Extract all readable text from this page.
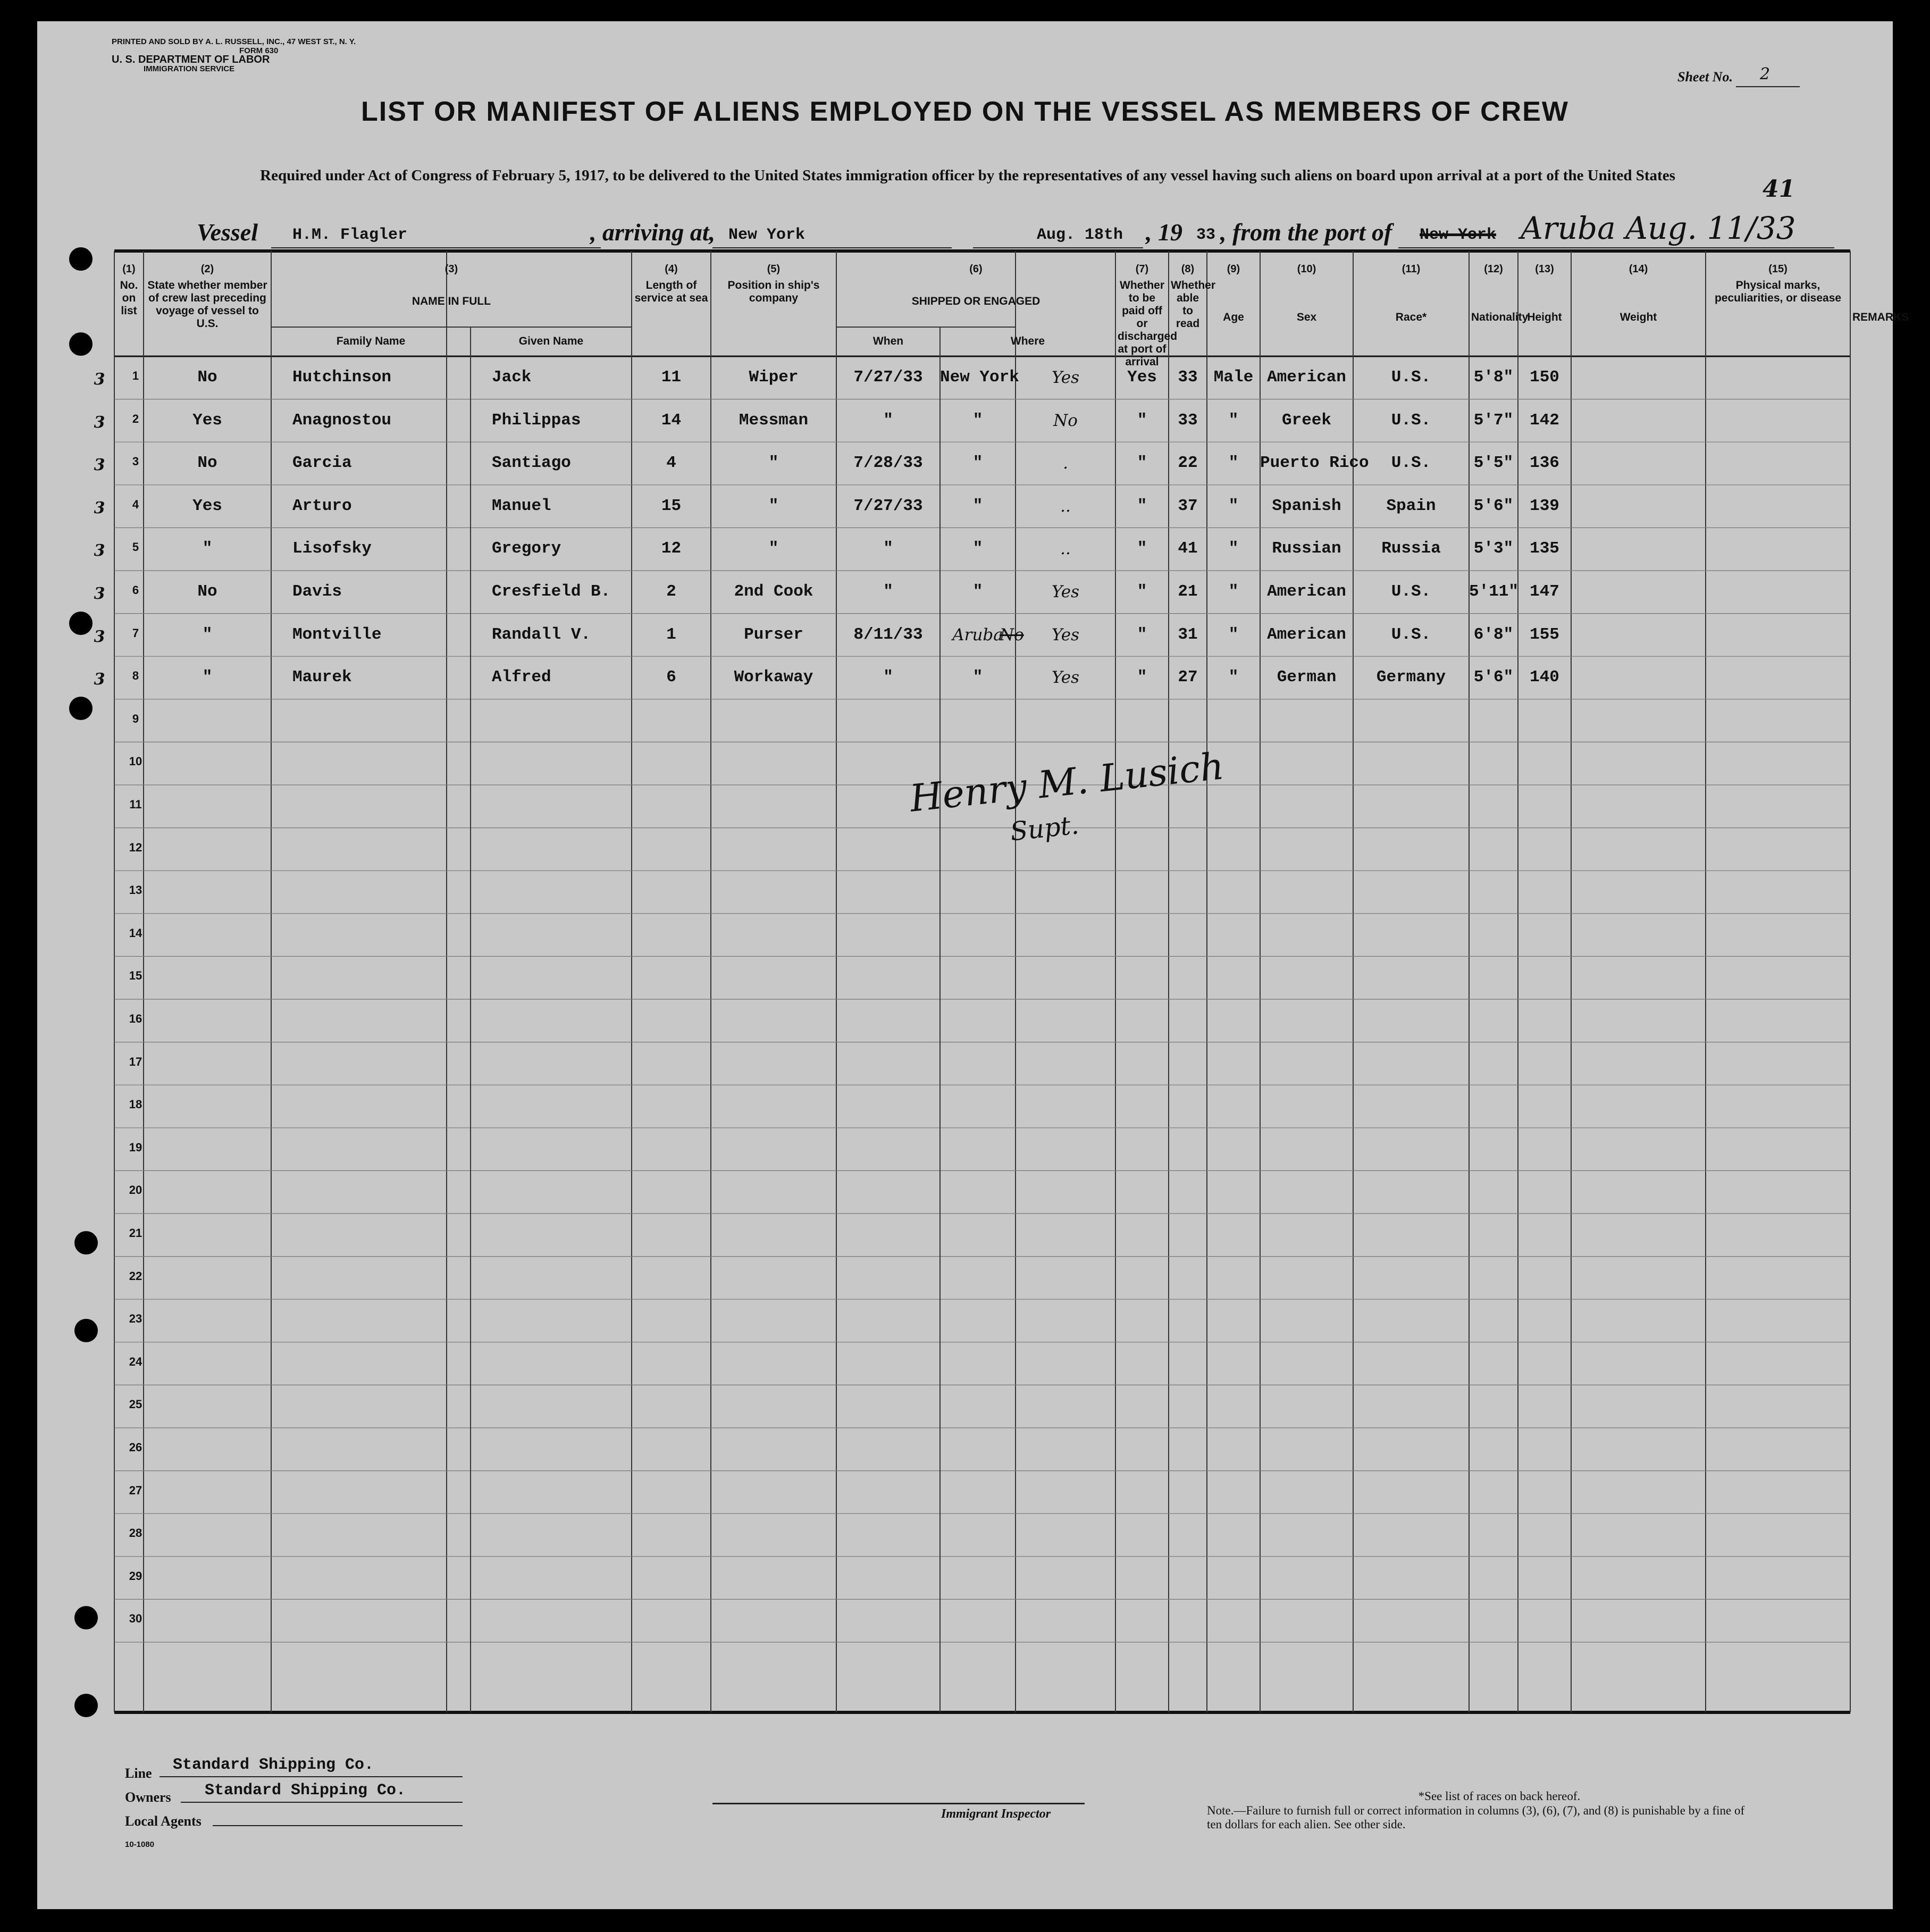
PRINTED AND SOLD BY A. L. RUSSELL, INC., 47 WEST ST., N. Y.
FORM 630
U. S. DEPARTMENT OF LABOR
IMMIGRATION SERVICE
Sheet No. 2
LIST OR MANIFEST OF ALIENS EMPLOYED ON THE VESSEL AS MEMBERS OF CREW
Required under Act of Congress of February 5, 1917, to be delivered to the United States immigration officer by the representatives of any vessel having such aliens on board upon arrival at a port of the United States	41
Vessel H.M. Flagler	, arriving at, New York	Aug. 18th , 19 33 , from the port of New York Aruba Aug. 11/33
(1)
No. on list
(2)
State whether member of crew last preceding voyage of vessel to U.S.
(3)
NAME IN FULL
Family Name	Given Name
(4)
Length of service at sea
(5)
Position in ship's company
(6)
SHIPPED OR ENGAGED
When	Where
(7)
Whether to be paid off or discharged at port of arrival
(8)
Whether able to read
(9)
Age
(10)
Sex
(11)
Race*
(12)
Nationality
(13)
Height
(14)
Weight
(15)
Physical marks, peculiarities, or disease
REMARKS
1
3	No	Hutchinson	Jack	11	Wiper	7/27/33	New York	Yes	Yes	33 Male American	U.S.	5'8" 150
2
3	Yes	Anagnostou	Philippas	14	Messman	"	"	No	"	33	"	Greek	U.S.	5'7" 142
3
3	No	Garcia	Santiago	4	"	7/28/33	"	.	"	22	"	Puerto Rico	U.S.	5'5" 136
4
3	Yes	Arturo	Manuel	15	"	7/27/33	"	..	"	37	"	Spanish	Spain	5'6" 139
5
3	"	Lisofsky	Gregory	12	"	"	"	..	"	41	"	Russian	Russia	5'3" 135
6
3	No	Davis	Cresfield B.	2	2nd Cook	"	"	Yes	"	21	"	American	U.S.	5'11" 147
7
3	"	Montville	Randall V.	1	Purser	8/11/33	Aruba	Yes	"	31	"	American	U.S.	6'8" 155
No
8
3	"	Maurek	Alfred	6	Workaway	"	"	Yes	"	27	"	German	Germany	5'6" 140
9
10
11
12
13
14
15
16
17
18
19
20
21
22
23
24
25
26
27
28
29
30
Henry M. Lusich
Supt.
Line Standard Shipping Co.
Owners Standard Shipping Co.
Local Agents	Immigrant Inspector
*See list of races on back hereof.
Note.—Failure to furnish full or correct information in columns (3), (6), (7), and (8) is punishable by a fine of ten dollars for each alien. See other side.
10-1080
